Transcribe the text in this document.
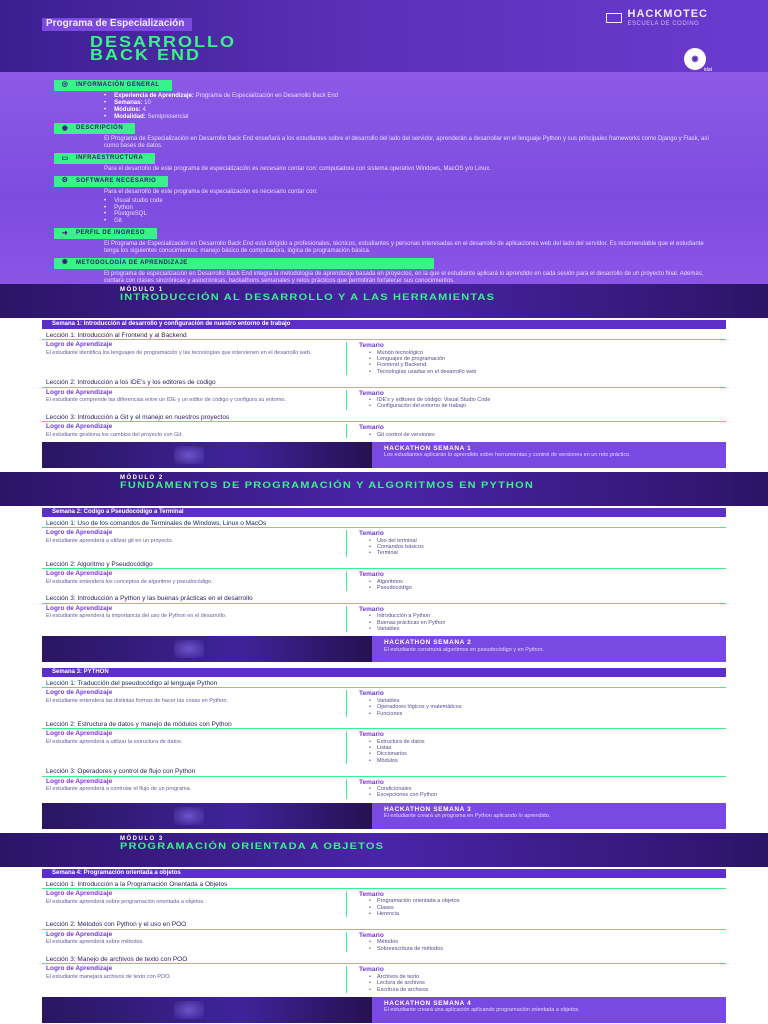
Programa de Especialización
DESARROLLO
BACK END
HACKMOTEC
ESCUELA DE CODING
◉
idat
◎ INFORMACIÓN GENERAL
• Experiencia de Aprendizaje: Programa de Especialización en Desarrollo Back End
• Semanas: 10
• Módulos: 4
• Modalidad: Semipresencial
◉ DESCRIPCIÓN

El Programa de Especialización en Desarrollo Back End enseñará a los estudiantes sobre el desarrollo del lado del servidor, aprenderán a desarrollar en el lenguaje Python y sus principales frameworks como Django y Flask, así como bases de datos.

▭ INFRAESTRUCTURA

Para el desarrollo de este programa de especialización es necesario contar con: computadora con sistema operativo Windows, MacOS y/o Linux.

⚙ SOFTWARE NECESARIO

Para el desarrollo de este programa de especialización es necesario contar con:

• Visual studio code
• Python
• PostgreSQL
• Git
➜	PERFIL DE INGRESO

El Programa de Especialización en Desarrollo Back End está dirigido a profesionales, técnicos, estudiantes y personas interesadas en el desarrollo de aplicaciones web del lado del servidor. Es recomendable que el estudiante tenga los siguientes conocimientos: manejo básico de computadora, lógica de programación básica.

✺	METODOLOGÍA DE APRENDIZAJE

El programa de especialización en Desarrollo Back End integra la metodología de aprendizaje basada en proyectos, en la que el estudiante aplicará lo aprendido en cada sesión para el desarrollo de un proyecto final. Además, contará con clases sincrónicas y asincrónicas, hackathons semanales y retos prácticos que permitirán fortalecer sus conocimientos.

MÓDULO 1
INTRODUCCIÓN AL DESARROLLO Y A LAS HERRAMIENTAS
Semana 1: Introducción al desarrollo y configuración de nuestro entorno de trabajo
Lección 1: Introducción al Frontend y al Backend
Logro de Aprendizaje
El estudiante identifica los lenguajes de programación y las tecnologías que intervienen en el desarrollo web.
Temario
• Mundo tecnológico
• Lenguajes de programación
• Frontend y Backend
• Tecnologías usadas en el desarrollo web
Lección 2: Introducción a los IDE's y los editores de código
Logro de Aprendizaje
El estudiante comprende las diferencias entre un IDE y un editor de código y configura su entorno.
Temario
• IDE's y editores de código: Visual Studio Code
• Configuración del entorno de trabajo
Lección 3: Introducción a Git y el manejo en nuestros proyectos
Logro de Aprendizaje
El estudiante gestiona los cambios del proyecto con Git.
Temario
• Git control de versiones
HACKATHON SEMANA 1
Los estudiantes aplicarán lo aprendido sobre herramientas y control de versiones en un reto práctico.
MÓDULO 2
FUNDAMENTOS DE PROGRAMACIÓN Y ALGORITMOS EN PYTHON
Semana 2: Código a Pseudocódigo a Terminal
Lección 1: Uso de los comandos de Terminales de Windows, Linux o MacOs
Logro de Aprendizaje
El estudiante aprenderá a utilizar git en un proyecto.
Temario
• Uso del terminal
• Comandos básicos
• Terminal
Lección 2: Algoritmo y Pseudocódigo
Logro de Aprendizaje
El estudiante entenderá los conceptos de algoritmo y pseudocódigo.
Temario
• Algoritmos
• Pseudocódigo
Lección 3: Introducción a Python y las buenas prácticas en el desarrollo
Logro de Aprendizaje
El estudiante aprenderá la importancia del uso de Python en el desarrollo.
Temario
• Introducción a Python
• Buenas prácticas en Python
• Variables
HACKATHON SEMANA 2
El estudiante construirá algoritmos en pseudocódigo y en Python.
Semana 3: PYTHON
Lección 1: Traducción del pseudocódigo al lenguaje Python
Logro de Aprendizaje
El estudiante entenderá las distintas formas de hacer las cosas en Python.
Temario
• Variables
• Operadores lógicos y matemáticos
• Funciones
Lección 2: Estructura de datos y manejo de módulos con Python
Logro de Aprendizaje
El estudiante aprenderá a utilizar la estructura de datos.
Temario
• Estructura de datos
• Listas
• Diccionarios
• Módulos
Lección 3: Operadores y control de flujo con Python
Logro de Aprendizaje
El estudiante aprenderá a controlar el flujo de un programa.
Temario
• Condicionales
• Excepciones con Python
HACKATHON SEMANA 3
El estudiante creará un programa en Python aplicando lo aprendido.
MÓDULO 3
PROGRAMACIÓN ORIENTADA A OBJETOS
Semana 4: Programación orientada a objetos
Lección 1: Introducción a la Programación Orientada a Objetos
Logro de Aprendizaje
El estudiante aprenderá sobre programación orientada a objetos.
Temario
• Programación orientada a objetos
• Clases
• Herencia
Lección 2: Métodos con Python y el uso en POO
Logro de Aprendizaje
El estudiante aprenderá sobre métodos.
Temario
• Métodos
• Sobreescritura de métodos
Lección 3: Manejo de archivos de texto con POO
Logro de Aprendizaje
El estudiante manejará archivos de texto con POO.
Temario
• Archivos de texto
• Lectura de archivos
• Escritura de archivos
HACKATHON SEMANA 4
El estudiante creará una aplicación aplicando programación orientada a objetos.
